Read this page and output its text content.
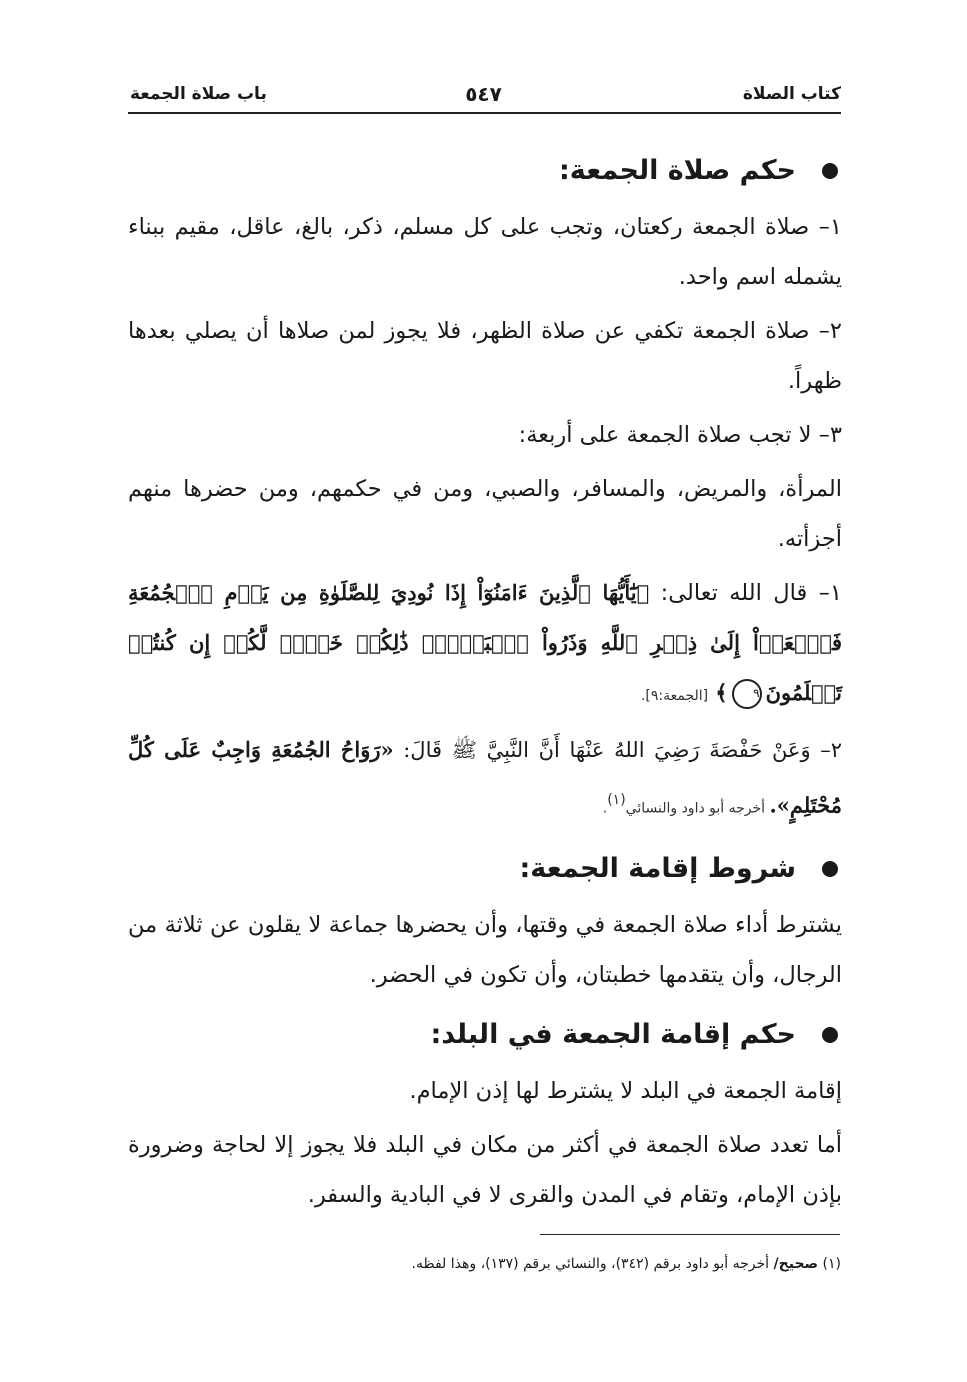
كتاب الصلاة
٥٤٧
باب صلاة الجمعة
حكم صلاة الجمعة:

١– صلاة الجمعة ركعتان، وتجب على كل مسلم، ذكر، بالغ، عاقل، مقيم ببناء يشمله اسم واحد.

٢– صلاة الجمعة تكفي عن صلاة الظهر، فلا يجوز لمن صلاها أن يصلي بعدها ظهراً.

٣– لا تجب صلاة الجمعة على أربعة:

المرأة، والمريض، والمسافر، والصبي، ومن في حكمهم، ومن حضرها منهم أجزأته.

١– قال الله تعالى: ﴿يَٰٓأَيُّهَا ٱلَّذِينَ ءَامَنُوٓاْ إِذَا نُودِيَ لِلصَّلَوٰةِ مِن يَوۡمِ ٱلۡجُمُعَةِ فَٱسۡعَوۡاْ إِلَىٰ ذِكۡرِ ٱللَّهِ وَذَرُواْ ٱلۡبَيۡعَۚ ذَٰلِكُمۡ خَيۡرٞ لَّكُمۡ إِن كُنتُمۡ تَعۡلَمُونَ٩﴾ [الجمعة:٩].

٢– وَعَنْ حَفْصَةَ رَضِيَ اللهُ عَنْهَا أَنَّ النَّبِيَّ ﷺ قَالَ: «رَوَاحُ الجُمُعَةِ وَاجِبٌ عَلَى كُلِّ مُحْتَلِمٍ». أخرجه أبو داود والنسائي$^{(١)}$.

شروط إقامة الجمعة:

يشترط أداء صلاة الجمعة في وقتها، وأن يحضرها جماعة لا يقلون عن ثلاثة من الرجال، وأن يتقدمها خطبتان، وأن تكون في الحضر.

حكم إقامة الجمعة في البلد:

إقامة الجمعة في البلد لا يشترط لها إذن الإمام.

أما تعدد صلاة الجمعة في أكثر من مكان في البلد فلا يجوز إلا لحاجة وضرورة بإذن الإمام، وتقام في المدن والقرى لا في البادية والسفر.

(١) صحيح/ أخرجه أبو داود برقم (٣٤٢)، والنسائي برقم (١٣٧)، وهذا لفظه.
